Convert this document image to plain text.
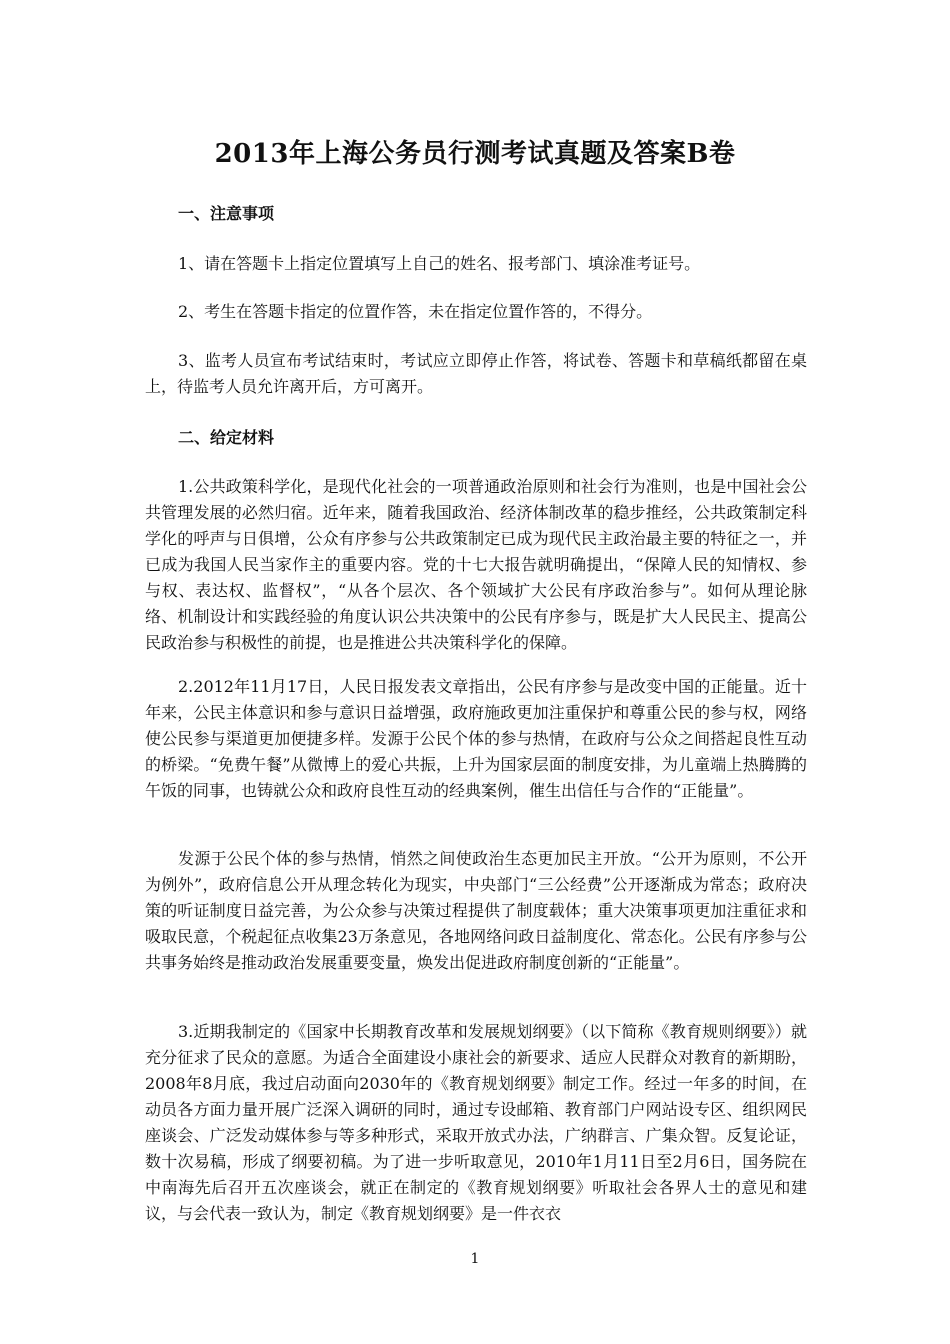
2013年上海公务员行测考试真题及答案B卷
一、注意事项

1、请在答题卡上指定位置填写上自己的姓名、报考部门、填涂准考证号。

2、考生在答题卡指定的位置作答，未在指定位置作答的，不得分。

3、监考人员宣布考试结束时，考试应立即停止作答，将试卷、答题卡和草稿纸都留在桌上，待监考人员允许离开后，方可离开。

二、给定材料

1.公共政策科学化，是现代化社会的一项普通政治原则和社会行为准则，也是中国社会公共管理发展的必然归宿。近年来，随着我国政治、经济体制改革的稳步推经，公共政策制定科学化的呼声与日俱增，公众有序参与公共政策制定已成为现代民主政治最主要的特征之一，并已成为我国人民当家作主的重要内容。党的十七大报告就明确提出，“保障人民的知情权、参与权、表达权、监督权”，“从各个层次、各个领域扩大公民有序政治参与”。如何从理论脉络、机制设计和实践经验的角度认识公共决策中的公民有序参与，既是扩大人民民主、提高公民政治参与积极性的前提，也是推进公共决策科学化的保障。

2.2012年11月17日，人民日报发表文章指出，公民有序参与是改变中国的正能量。近十年来，公民主体意识和参与意识日益增强，政府施政更加注重保护和尊重公民的参与权，网络使公民参与渠道更加便捷多样。发源于公民个体的参与热情，在政府与公众之间搭起良性互动的桥梁。“免费午餐”从微博上的爱心共振，上升为国家层面的制度安排，为儿童端上热腾腾的午饭的同事，也铸就公众和政府良性互动的经典案例，催生出信任与合作的“正能量”。

发源于公民个体的参与热情，悄然之间使政治生态更加民主开放。“公开为原则，不公开为例外”，政府信息公开从理念转化为现实，中央部门“三公经费”公开逐渐成为常态；政府决策的听证制度日益完善，为公众参与决策过程提供了制度载体；重大决策事项更加注重征求和吸取民意，个税起征点收集23万条意见，各地网络问政日益制度化、常态化。公民有序参与公共事务始终是推动政治发展重要变量，焕发出促进政府制度创新的“正能量”。

3.近期我制定的《国家中长期教育改革和发展规划纲要》（以下简称《教育规则纲要》）就充分征求了民众的意愿。为适合全面建设小康社会的新要求、适应人民群众对教育的新期盼，2008年8月底，我过启动面向2030年的《教育规划纲要》制定工作。经过一年多的时间，在动员各方面力量开展广泛深入调研的同时，通过专设邮箱、教育部门户网站设专区、组织网民座谈会、广泛发动媒体参与等多种形式，采取开放式办法，广纳群言、广集众智。反复论证，数十次易稿，形成了纲要初稿。为了进一步听取意见，2010年1月11日至2月6日，国务院在中南海先后召开五次座谈会，就正在制定的《教育规划纲要》听取社会各界人士的意见和建议，与会代表一致认为，制定《教育规划纲要》是一件衣衣

1
